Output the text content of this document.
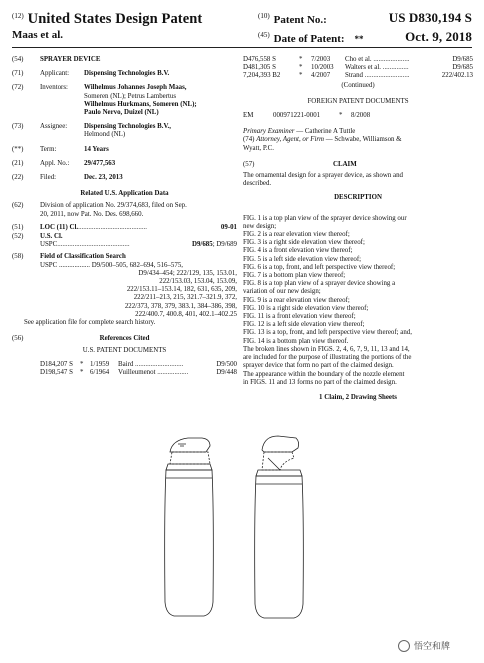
$^{(12)}$ United States Design Patent	$^{(10)}$ Patent No.:	US D830,194 S
Maas et al.	$^{(45)}$ Date of Patent: **	Oct. 9, 2018
(54)	SPRAYER DEVICE
(71)	Applicant:	Dispensing Technologies B.V.
(72)	Inventors:	Wilhelmus Johannes Joseph Maas,
Someren (NL); Petrus Lambertus
Wilhelmus Hurkmans, Someren (NL);
Paulo Nervo, Duizel (NL)
(73)	Assignee:	Dispensing Technologies B.V.,
Helmond (NL)
(**)	Term:	14 Years
(21)	Appl. No.:	29/477,563
(22)	Filed:	Dec. 23, 2013
Related U.S. Application Data
(62)	Division of application No. 29/374,683, filed on Sep.
20, 2011, now Pat. No. Des. 698,660.
(51)	LOC (11) Cl. ........................................	09-01
(52)	U.S. Cl.
USPC ..........................................	D9/685 ; D9/689
(58)	Field of Classification Search
USPC .................. D9/500–505, 682–694, 516–575,
D9/434–454; 222/129, 135, 153.01,
222/153.03, 153.04, 153.09,
222/153.11–153.14, 182, 631, 635, 209,
222/211–213, 215, 321.7–321.9, 372,
222/373, 378, 379, 383.1, 384–386, 398,
222/400.7, 400.8, 401, 402.1–402.25
See application file for complete search history.
(56)	References Cited
U.S. PATENT DOCUMENTS
D184,207 S	* 1/1959	Baird ............................	D9/500
D198,547 S	* 6/1964	Vuilleumenot ..................	D9/448
D476,558 S	*	7/2003	Cho et al. .....................	D9/685
D481,305 S	*	10/2003	Walters et al. ...............	D9/685
7,204,393 B2	*	4/2007	Strand ..........................	222/402.13
(Continued)
FOREIGN PATENT DOCUMENTS
EM	000971221-0001	*	8/2008
Primary Examiner — Catherine A Tuttle
(74) Attorney, Agent, or Firm — Schwabe, Williamson &
Wyatt, P.C.
(57)	CLAIM
The ornamental design for a sprayer device, as shown and
described.
DESCRIPTION
FIG. 1 is a top plan view of the sprayer device showing our
new design;
FIG. 2 is a rear elevation view thereof;
FIG. 3 is a right side elevation view thereof;
FIG. 4 is a front elevation view thereof;
FIG. 5 is a left side elevation view thereof;
FIG. 6 is a top, front, and left perspective view thereof;
FIG. 7 is a bottom plan view thereof;
FIG. 8 is a top plan view of a sprayer device showing a
variation of our new design;
FIG. 9 is a rear elevation view thereof;
FIG. 10 is a right side elevation view thereof;
FIG. 11 is a front elevation view thereof;
FIG. 12 is a left side elevation view thereof;
FIG. 13 is a top, front, and left perspective view thereof; and,
FIG. 14 is a bottom plan view thereof.
The broken lines shown in FIGS. 2, 4, 6, 7, 9, 11, 13 and 14,
are included for the purpose of illustrating the portions of the
sprayer device that form no part of the claimed design.
The appearance within the boundary of the nozzle element
in FIGS. 11 and 13 forms no part of the claimed design.
1 Claim, 2 Drawing Sheets
悟空和牌
